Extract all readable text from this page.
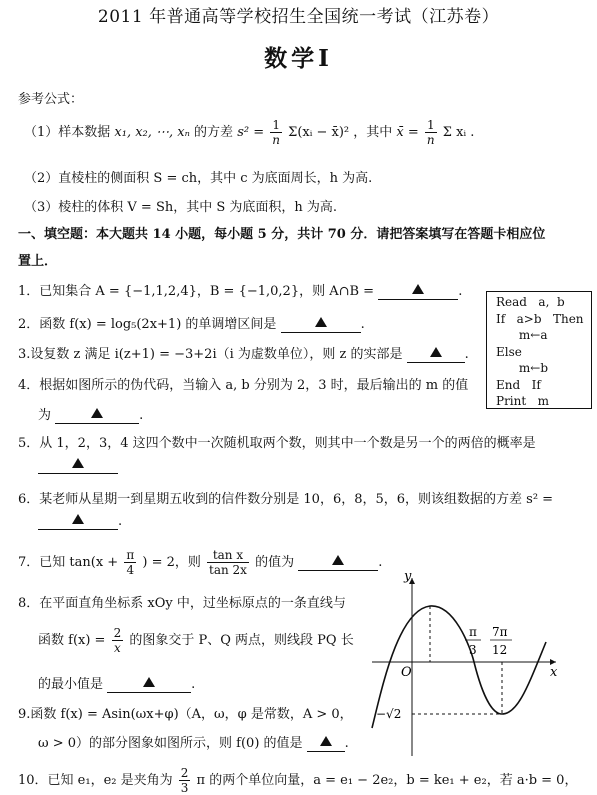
2011 年普通高等学校招生全国统一考试（江苏卷）
数学Ⅰ
参考公式：
（1）样本数据 x₁, x₂, ⋯, xₙ 的方差 $s^2 = \frac{1}{n}$ Σ(xᵢ − x̄)² ，其中 x̄ = $\frac{1}{n}$ Σ xᵢ .
（2）直棱柱的侧面积 S = ch，其中 c 为底面周长，h 为高.
（3）棱柱的体积 V = Sh，其中 S 为底面积，h 为高.
一、填空题：本大题共 14 小题，每小题 5 分，共计 70 分．请把答案填写在答题卡相应位
置上．
1．已知集合 A = {−1,1,2,4}，B = {−1,0,2}，则 A∩B =	.
2．函数 f(x) = log₅(2x+1) 的单调增区间是	.
3.设复数 z 满足 i(z+1) = −3+2i（i 为虚数单位），则 z 的实部是	.
4．根据如图所示的伪代码，当输入 a, b 分别为 2，3 时，最后输出的 m 的值
为	.
Read   a,  b
If   a>b   Then
m←a
Else
m←b
End   If
Print   m
5．从 1，2，3，4 这四个数中一次随机取两个数，则其中一个数是另一个的两倍的概率是
6．某老师从星期一到星期五收到的信件数分别是 10，6，8，5，6，则该组数据的方差 s² =
.
7．已知 $\tan(x + \frac{\pi}{4}$ ) = 2，则 $\frac{\text{tan x}}{\tan 2x}$ 的值为	.
8．在平面直角坐标系 xOy 中，过坐标原点的一条直线与
函数 $f(x) = \frac{2}{x}$ 的图象交于 P、Q 两点，则线段 PQ 长
的最小值是	.
9.函数 f(x) = Asin(ωx+φ)（A，ω，φ 是常数，A > 0，
ω > 0）的部分图象如图所示，则 f(0) 的值是	.
10．已知 e₁，e₂ 是夹角为 $\frac{2}{3}$ π 的两个单位向量，a = e₁ − 2e₂，b = ke₁ + e₂，若 a·b = 0，
y
x
O
π
3
7π
12
−√2
